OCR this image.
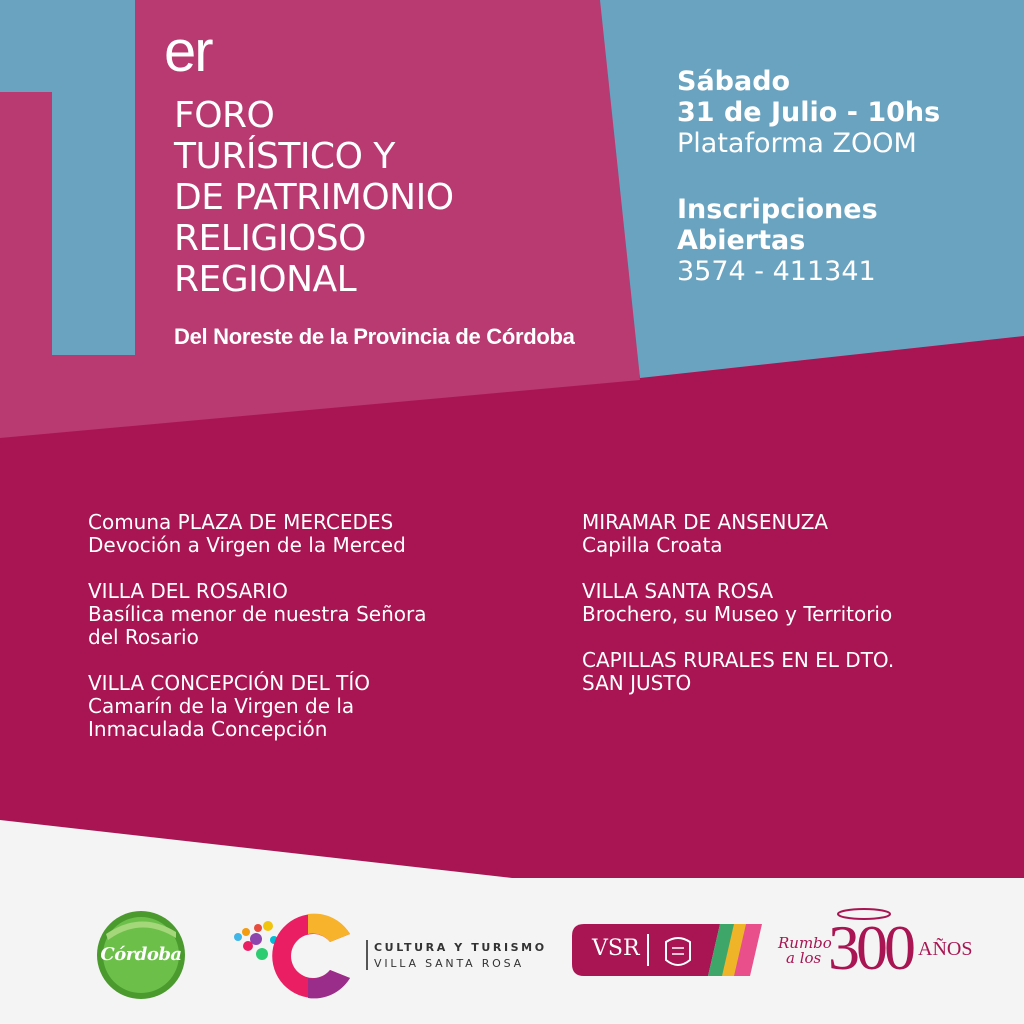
er
FORO
TURÍSTICO Y
DE PATRIMONIO
RELIGIOSO
REGIONAL
Del Noreste de la Provincia de Córdoba
Sábado
31 de Julio - 10hs
Plataforma ZOOM
Inscripciones
Abiertas
3574 - 411341
Comuna PLAZA DE MERCEDES
Devoción a Virgen de la Merced
VILLA DEL ROSARIO
Basílica menor de nuestra Señora
del Rosario
VILLA CONCEPCIÓN DEL TÍO
Camarín de la Virgen de la
Inmaculada Concepción
MIRAMAR DE ANSENUZA
Capilla Croata
VILLA SANTA ROSA
Brochero, su Museo y Territorio
CAPILLAS RURALES EN EL DTO.
SAN JUSTO
Córdoba	CULTURA Y TURISMO
VILLA SANTA ROSA
VSR	Rumbo
a los 300 AÑOS
